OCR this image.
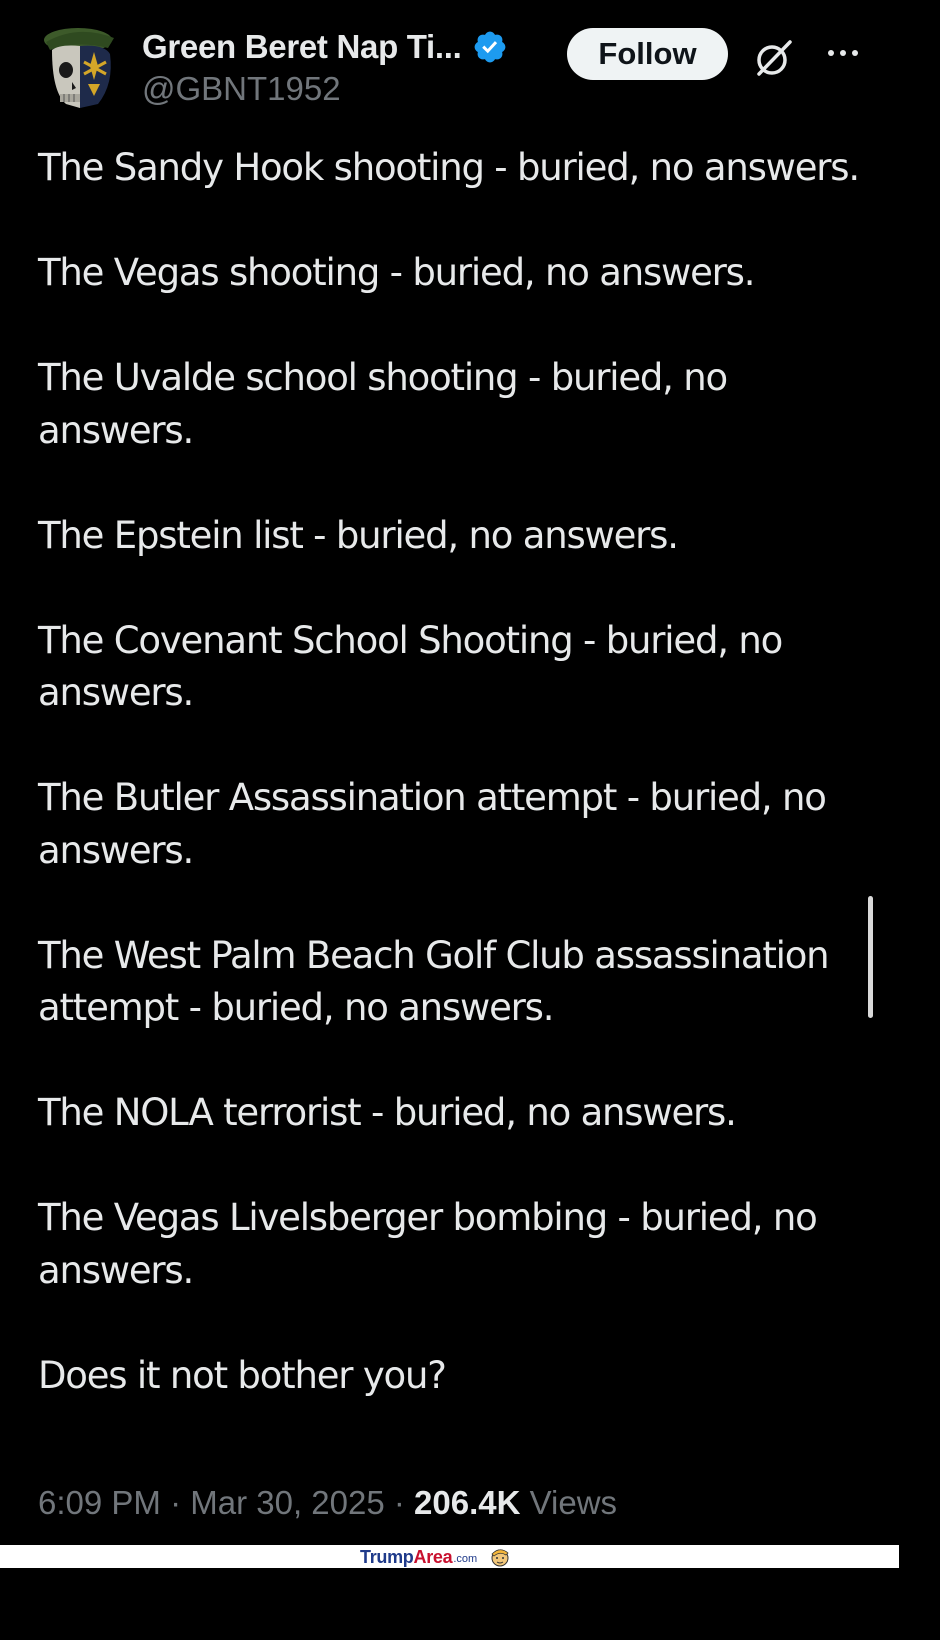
Green Beret Nap Ti...
@GBNT1952
Follow

The Sandy Hook shooting - buried, no answers.

The Vegas shooting - buried, no answers.

The Uvalde school shooting - buried, no answers.

The Epstein list - buried, no answers.

The Covenant School Shooting - buried, no answers.

The Butler Assassination attempt - buried, no answers.

The West Palm Beach Golf Club assassination attempt - buried, no answers.

The NOLA terrorist - buried, no answers.

The Vegas Livelsberger bombing - buried, no answers.

Does it not bother you?

6:09 PM · Mar 30, 2025 · 206.4K Views
Trump Area .com
